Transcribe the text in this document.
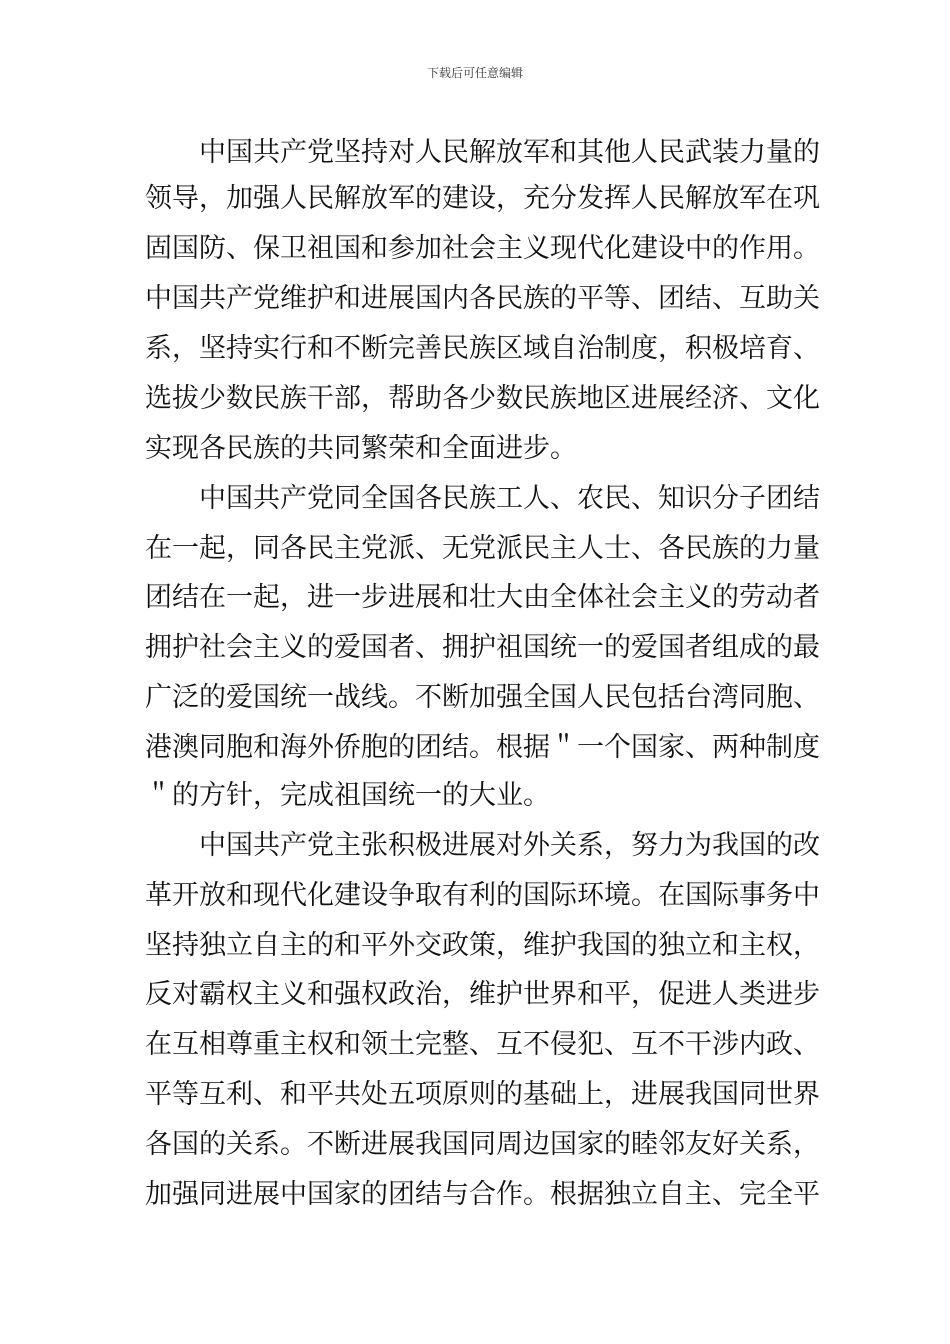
下载后可任意编辑
中国共产党坚持对人民解放军和其他人民武装力量的
领导，加强人民解放军的建设，充分发挥人民解放军在巩
固国防、保卫祖国和参加社会主义现代化建设中的作用。
中国共产党维护和进展国内各民族的平等、团结、互助关
系，坚持实行和不断完善民族区域自治制度，积极培育、
选拔少数民族干部，帮助各少数民族地区进展经济、文化
实现各民族的共同繁荣和全面进步。
中国共产党同全国各民族工人、农民、知识分子团结
在一起，同各民主党派、无党派民主人士、各民族的力量
团结在一起，进一步进展和壮大由全体社会主义的劳动者
拥护社会主义的爱国者、拥护祖国统一的爱国者组成的最
广泛的爱国统一战线。不断加强全国人民包括台湾同胞、
港澳同胞和海外侨胞的团结。根据＂一个国家、两种制度
＂的方针，完成祖国统一的大业。
中国共产党主张积极进展对外关系，努力为我国的改
革开放和现代化建设争取有利的国际环境。在国际事务中
坚持独立自主的和平外交政策，维护我国的独立和主权，
反对霸权主义和强权政治，维护世界和平，促进人类进步
在互相尊重主权和领土完整、互不侵犯、互不干涉内政、
平等互利、和平共处五项原则的基础上，进展我国同世界
各国的关系。不断进展我国同周边国家的睦邻友好关系，
加强同进展中国家的团结与合作。根据独立自主、完全平
